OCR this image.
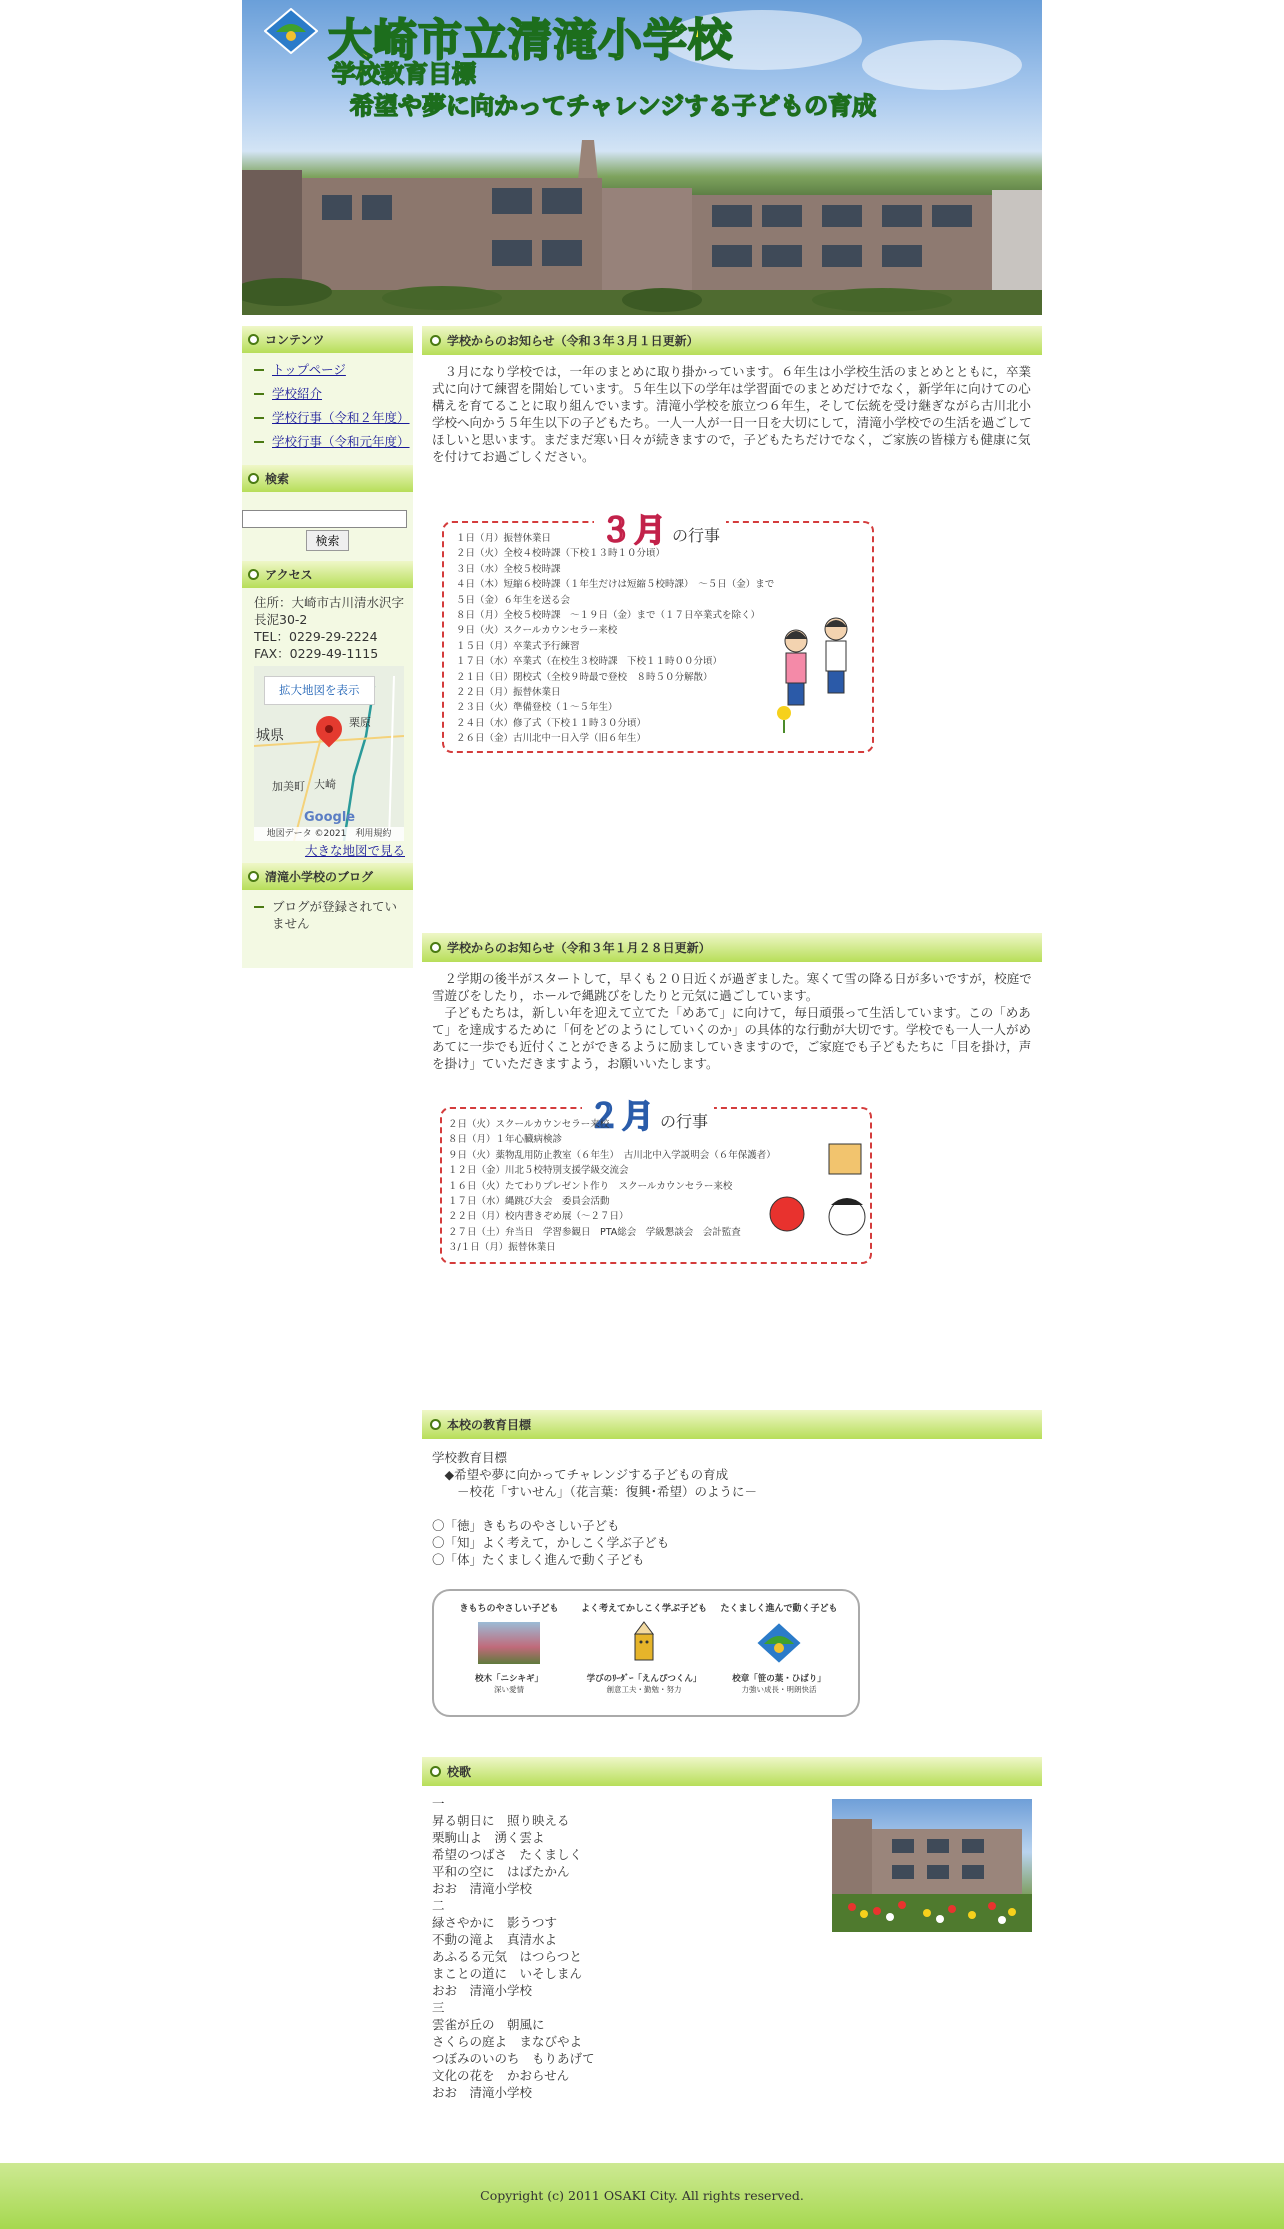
大崎市立清滝小学校
学校教育目標
希望や夢に向かってチャレンジする子どもの育成
コンテンツ
トップページ
学校紹介
学校行事（令和２年度）
学校行事（令和元年度）
検索
検索
アクセス
住所：大崎市古川清水沢字長泥30-2
TEL：0229-29-2224
FAX：0229-49-1115
拡大地図を表示
栗原
城県
加美町 大崎
Google
地図データ ©2021　利用規約
大きな地図で見る
清滝小学校のブログ
ブログが登録されていません
学校からのお知らせ（令和３年３月１日更新）
３月になり学校では，一年のまとめに取り掛かっています。６年生は小学校生活のまとめとともに，卒業式に向けて練習を開始しています。５年生以下の学年は学習面でのまとめだけでなく，新学年に向けての心構えを育てることに取り組んでいます。清滝小学校を旅立つ６年生，そして伝統を受け継ぎながら古川北小学校へ向かう５年生以下の子どもたち。一人一人が一日一日を大切にして，清滝小学校での生活を過ごしてほしいと思います。まだまだ寒い日々が続きますので，子どもたちだけでなく，ご家族の皆様方も健康に気を付けてお過ごしください。
３月 の行事
１日（月）振替休業日
２日（火）全校４校時課（下校１３時１０分頃）
３日（水）全校５校時課
４日（木）短縮６校時課（１年生だけは短縮５校時課）　～５日（金）まで
５日（金）６年生を送る会
８日（月）全校５校時課　～１９日（金）まで（１７日卒業式を除く）
９日（火）スクールカウンセラー来校
１５日（月）卒業式予行練習
１７日（水）卒業式（在校生３校時課　下校１１時００分頃）
２１日（日）閉校式（全校９時最で登校　８時５０分解散）
２２日（月）振替休業日
２３日（火）準備登校（１～５年生）
２４日（水）修了式（下校１１時３０分頃）
２６日（金）古川北中一日入学（旧６年生）
学校からのお知らせ（令和３年１月２８日更新）

２学期の後半がスタートして，早くも２０日近くが過ぎました。寒くて雪の降る日が多いですが，校庭で雪遊びをしたり，ホールで縄跳びをしたりと元気に過ごしています。

子どもたちは，新しい年を迎えて立てた「めあて」に向けて，毎日頑張って生活しています。この「めあて」を達成するために「何をどのようにしていくのか」の具体的な行動が大切です。学校でも一人一人がめあてに一歩でも近付くことができるように励ましていきますので，ご家庭でも子どもたちに「目を掛け，声を掛け」ていただきますよう，お願いいたします。

２月 の行事
２日（火）スクールカウンセラー来校
８日（月）１年心臓病検診
９日（火）薬物乱用防止教室（６年生）　古川北中入学説明会（６年保護者）
１２日（金）川北５校特別支援学級交流会
１６日（火）たてわりプレゼント作り　スクールカウンセラー来校
１７日（水）縄跳び大会　委員会活動
２２日（月）校内書きぞめ展（～２７日）
２７日（土）弁当日　学習参観日　PTA総会　学級懇談会　会計監査
３/１日（月）振替休業日
本校の教育目標
学校教育目標
◆希望や夢に向かってチャレンジする子どもの育成
－校花「すいせん」（花言葉：復興･希望）のように－
〇「徳」きもちのやさしい子ども
〇「知」よく考えて，かしこく学ぶ子ども
〇「体」たくましく進んで動く子ども
きもちのやさしい子ども
校木「ニシキギ」
深い愛情
よく考えてかしこく学ぶ子ども
学びのﾘｰﾀﾞｰ「えんぴつくん」
創意工夫・勤勉・努力
たくましく進んで動く子ども
校章「笹の葉・ひばり」
力強い成長・明朗快活
校歌
一
昇る朝日に　照り映える
栗駒山よ　湧く雲よ
希望のつばさ　たくましく
平和の空に　はばたかん
おお　清滝小学校
二
緑さやかに　影うつす
不動の滝よ　真清水よ
あふるる元気　はつらつと
まことの道に　いそしまん
おお　清滝小学校
三
雲雀が丘の　朝風に
さくらの庭よ　まなびやよ
つぼみのいのち　もりあげて
文化の花を　かおらせん
おお　清滝小学校
Copyright (c) 2011 OSAKI City. All rights reserved.
